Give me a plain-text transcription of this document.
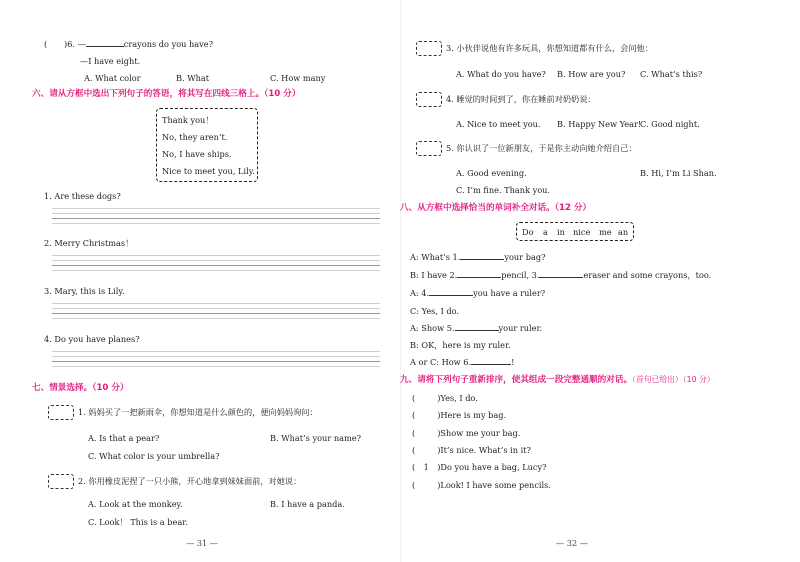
( )6. —	crayons do you have?
—I have eight.
A. What color	B. What	C. How many
六、请从方框中选出下列句子的答语，将其写在四线三格上。（10 分）
Thank you！
No, they aren’t.
No, I have ships.
Nice to meet you, Lily.
1. Are these dogs?
2. Merry Christmas！
3. Mary, this is Lily.
4. Do you have planes?
七、情景选择。（10 分）
1. 妈妈买了一把新雨伞，你想知道是什么颜色的，便向妈妈询问：
A. Is that a pear?	B. What’s your name?
C. What color is your umbrella?
2. 你用橡皮泥捏了一只小熊，开心地拿到妹妹面前，对她说：
A. Look at the monkey.	B. I have a panda.
C. Look！ This is a bear.
— 31 —
3. 小伙伴说他有许多玩具，你想知道都有什么，会问他：
A. What do you have? B. How are you? C. What’s this?
4. 睡觉的时间到了，你在睡前对奶奶说：
A. Nice to meet you. B. Happy New Year!
C. Good night.
5. 你认识了一位新朋友，于是你主动向她介绍自己：
A. Good evening.	B. Hi, I’m Li Shan.
C. I’m fine. Thank you.
八、从方框中选择恰当的单词补全对话。（12 分）
Do a in nice me an
A: What’s 1.	your bag?
B: I have 2.	pencil, 3.	eraser and some crayons，too.
A: 4.	you have a ruler?
C: Yes, I do.
A: Show 5.	your ruler.
B: OK，here is my ruler.
A or C: How 6.	!
九、请将下列句子重新排序，使其组成一段完整通顺的对话。（首句已给出）（10 分）
(	)Yes, I do.
(	)Here is my bag.
(	)Show me your bag.
(	)It’s nice. What’s in it?
( 1 )Do you have a bag, Lucy?
(	)Look! I have some pencils.
— 32 —
